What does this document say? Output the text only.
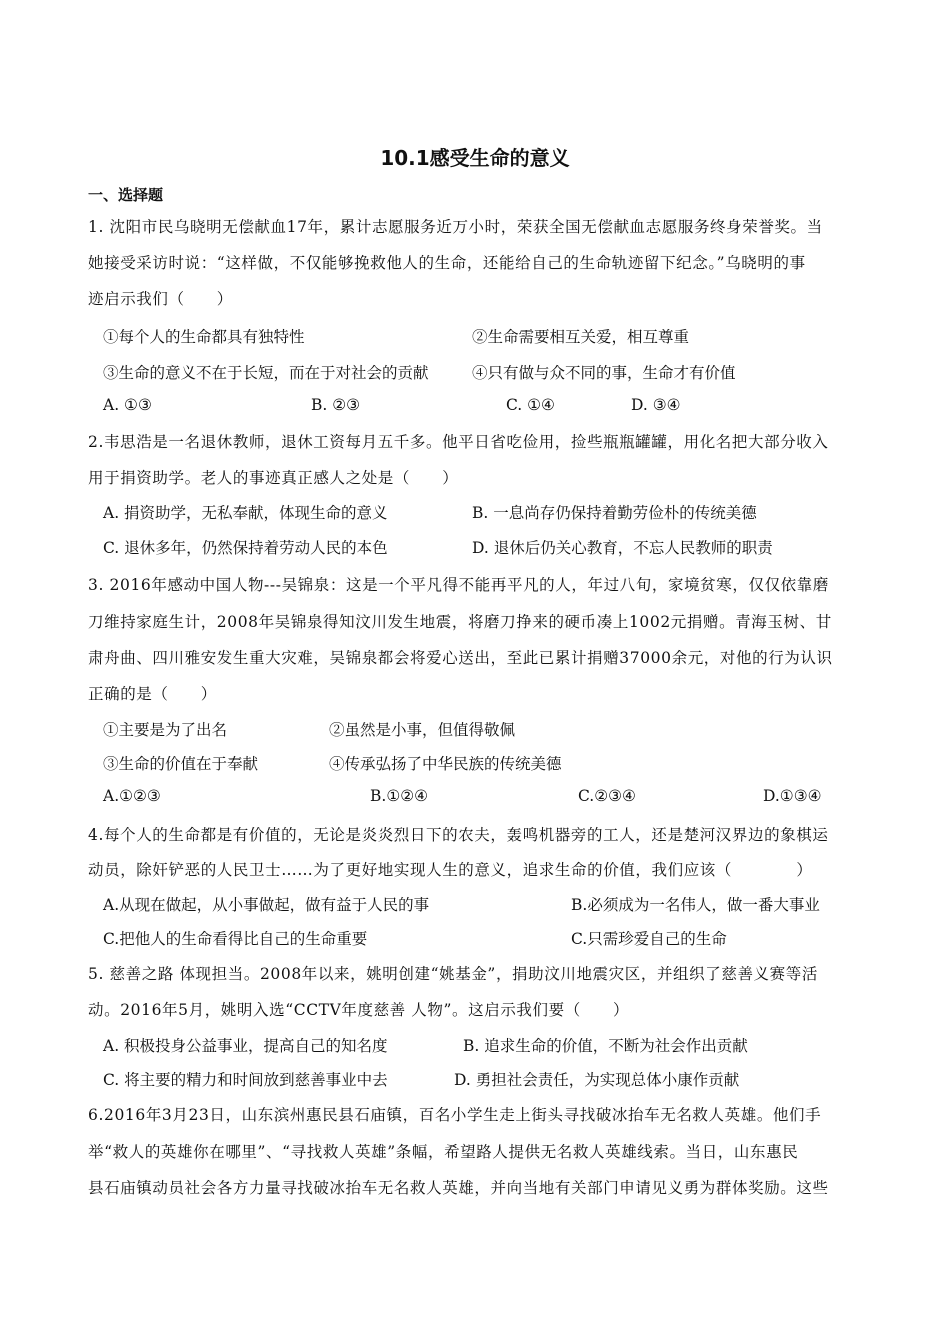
10.1感受生命的意义
一、选择题
1. 沈阳市民乌晓明无偿献血17年，累计志愿服务近万小时，荣获全国无偿献血志愿服务终身荣誉奖。当
她接受采访时说：“这样做，不仅能够挽救他人的生命，还能给自己的生命轨迹留下纪念。”乌晓明的事
迹启示我们（　　）
①每个人的生命都具有独特性	②生命需要相互关爱，相互尊重
③生命的意义不在于长短，而在于对社会的贡献	④只有做与众不同的事，生命才有价值
A. ①③	B. ②③	C. ①④	D. ③④
2.韦思浩是一名退休教师，退休工资每月五千多。他平日省吃俭用，捡些瓶瓶罐罐，用化名把大部分收入
用于捐资助学。老人的事迹真正感人之处是（　　）
A. 捐资助学，无私奉献，体现生命的意义	B. 一息尚存仍保持着勤劳俭朴的传统美德
C. 退休多年，仍然保持着劳动人民的本色	D. 退休后仍关心教育，不忘人民教师的职责
3. 2016年感动中国人物---吴锦泉：这是一个平凡得不能再平凡的人，年过八旬，家境贫寒，仅仅依靠磨
刀维持家庭生计，2008年吴锦泉得知汶川发生地震，将磨刀挣来的硬币凑上1002元捐赠。青海玉树、甘
肃舟曲、四川雅安发生重大灾难，吴锦泉都会将爱心送出，至此已累计捐赠37000余元，对他的行为认识
正确的是（　　）
①主要是为了出名	②虽然是小事，但值得敬佩
③生命的价值在于奉献	④传承弘扬了中华民族的传统美德
A.①②③	B.①②④	C.②③④	D.①③④
4.每个人的生命都是有价值的，无论是炎炎烈日下的农夫，轰鸣机器旁的工人，还是楚河汉界边的象棋运
动员，除奸铲恶的人民卫士……为了更好地实现人生的意义，追求生命的价值，我们应该（　　　　）
A.从现在做起，从小事做起，做有益于人民的事	B.必须成为一名伟人，做一番大事业
C.把他人的生命看得比自己的生命重要	C.只需珍爱自己的生命
5. 慈善之路 体现担当。2008年以来，姚明创建“姚基金”，捐助汶川地震灾区，并组织了慈善义赛等活
动。2016年5月，姚明入选“CCTV年度慈善 人物”。这启示我们要（　　）
A. 积极投身公益事业，提高自己的知名度	B. 追求生命的价值，不断为社会作出贡献
C. 将主要的精力和时间放到慈善事业中去	D. 勇担社会责任，为实现总体小康作贡献
6.2016年3月23日，山东滨州惠民县石庙镇，百名小学生走上街头寻找破冰抬车无名救人英雄。他们手
举“救人的英雄你在哪里”、“寻找救人英雄”条幅，希望路人提供无名救人英雄线索。当日，山东惠民
县石庙镇动员社会各方力量寻找破冰抬车无名救人英雄，并向当地有关部门申请见义勇为群体奖励。这些
